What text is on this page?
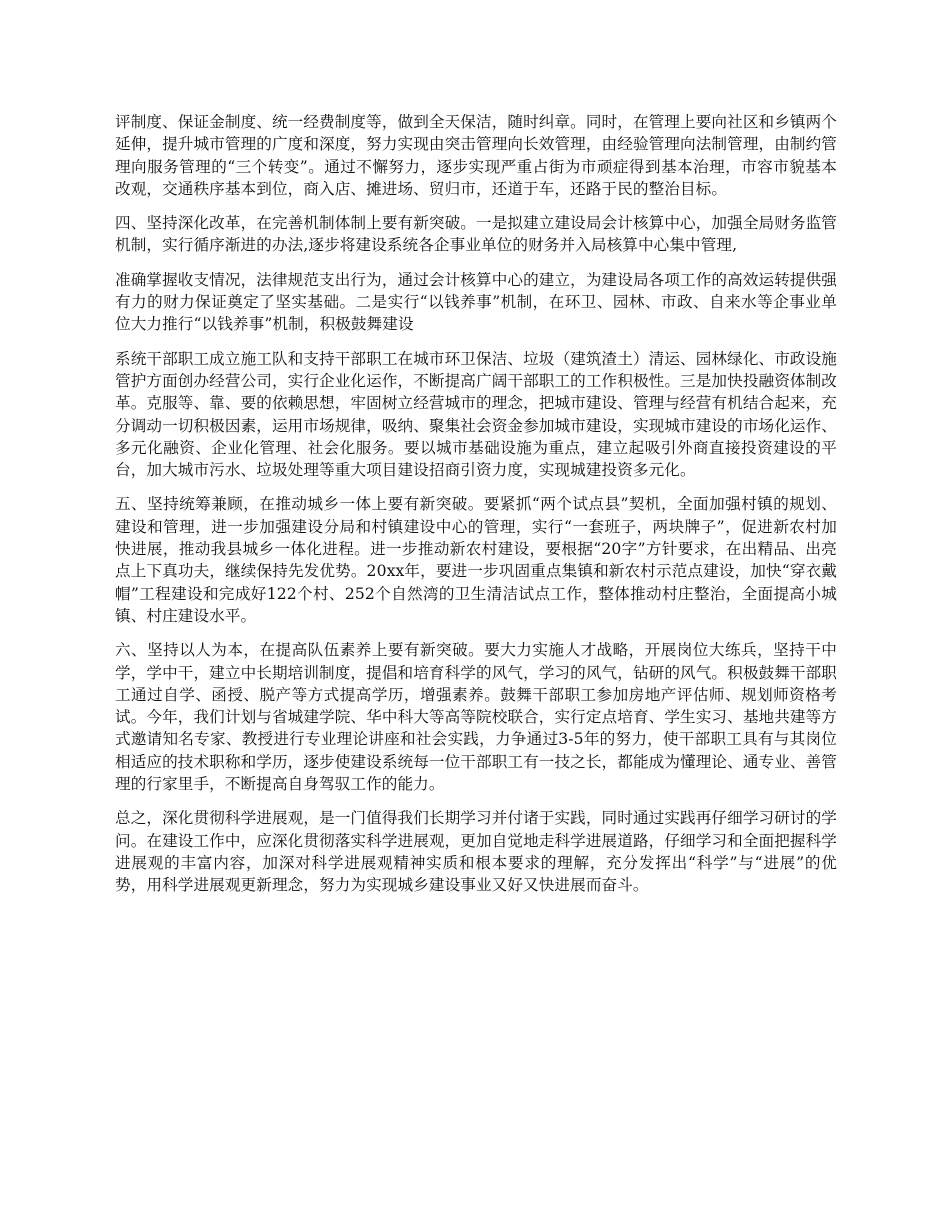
评制度、保证金制度、统一经费制度等，做到全天保洁，随时纠章。同时，在管理上要向社区和乡镇两个延伸，提升城市管理的广度和深度，努力实现由突击管理向长效管理，由经验管理向法制管理，由制约管理向服务管理的“三个转变”。通过不懈努力，逐步实现严重占街为市顽症得到基本治理，市容市貌基本改观，交通秩序基本到位，商入店、摊进场、贸归市，还道于车，还路于民的整治目标。

四、坚持深化改革，在完善机制体制上要有新突破。一是拟建立建设局会计核算中心，加强全局财务监管机制，实行循序渐进的办法,逐步将建设系统各企事业单位的财务并入局核算中心集中管理,

准确掌握收支情况，法律规范支出行为，通过会计核算中心的建立，为建设局各项工作的高效运转提供强有力的财力保证奠定了坚实基础。二是实行“以钱养事”机制，在环卫、园林、市政、自来水等企事业单位大力推行“以钱养事”机制，积极鼓舞建设

系统干部职工成立施工队和支持干部职工在城市环卫保洁、垃圾（建筑渣土）清运、园林绿化、市政设施管护方面创办经营公司，实行企业化运作，不断提高广阔干部职工的工作积极性。三是加快投融资体制改革。克服等、靠、要的依赖思想，牢固树立经营城市的理念，把城市建设、管理与经营有机结合起来，充分调动一切积极因素，运用市场规律，吸纳、聚集社会资金参加城市建设，实现城市建设的市场化运作、多元化融资、企业化管理、社会化服务。要以城市基础设施为重点，建立起吸引外商直接投资建设的平台，加大城市污水、垃圾处理等重大项目建设招商引资力度，实现城建投资多元化。

五、坚持统筹兼顾，在推动城乡一体上要有新突破。要紧抓“两个试点县”契机，全面加强村镇的规划、建设和管理，进一步加强建设分局和村镇建设中心的管理，实行“一套班子，两块牌子”，促进新农村加快进展，推动我县城乡一体化进程。进一步推动新农村建设，要根据“20字”方针要求，在出精品、出亮点上下真功夫，继续保持先发优势。20xx年，要进一步巩固重点集镇和新农村示范点建设，加快“穿衣戴帽”工程建设和完成好122个村、252个自然湾的卫生清洁试点工作，整体推动村庄整治，全面提高小城镇、村庄建设水平。

六、坚持以人为本，在提高队伍素养上要有新突破。要大力实施人才战略，开展岗位大练兵，坚持干中学，学中干，建立中长期培训制度，提倡和培育科学的风气，学习的风气，钻研的风气。积极鼓舞干部职工通过自学、函授、脱产等方式提高学历，增强素养。鼓舞干部职工参加房地产评估师、规划师资格考试。今年，我们计划与省城建学院、华中科大等高等院校联合，实行定点培育、学生实习、基地共建等方式邀请知名专家、教授进行专业理论讲座和社会实践，力争通过3-5年的努力，使干部职工具有与其岗位相适应的技术职称和学历，逐步使建设系统每一位干部职工有一技之长，都能成为懂理论、通专业、善管理的行家里手，不断提高自身驾驭工作的能力。

总之，深化贯彻科学进展观，是一门值得我们长期学习并付诸于实践，同时通过实践再仔细学习研讨的学问。在建设工作中，应深化贯彻落实科学进展观，更加自觉地走科学进展道路，仔细学习和全面把握科学进展观的丰富内容，加深对科学进展观精神实质和根本要求的理解，充分发挥出“科学”与“进展”的优势，用科学进展观更新理念，努力为实现城乡建设事业又好又快进展而奋斗。
